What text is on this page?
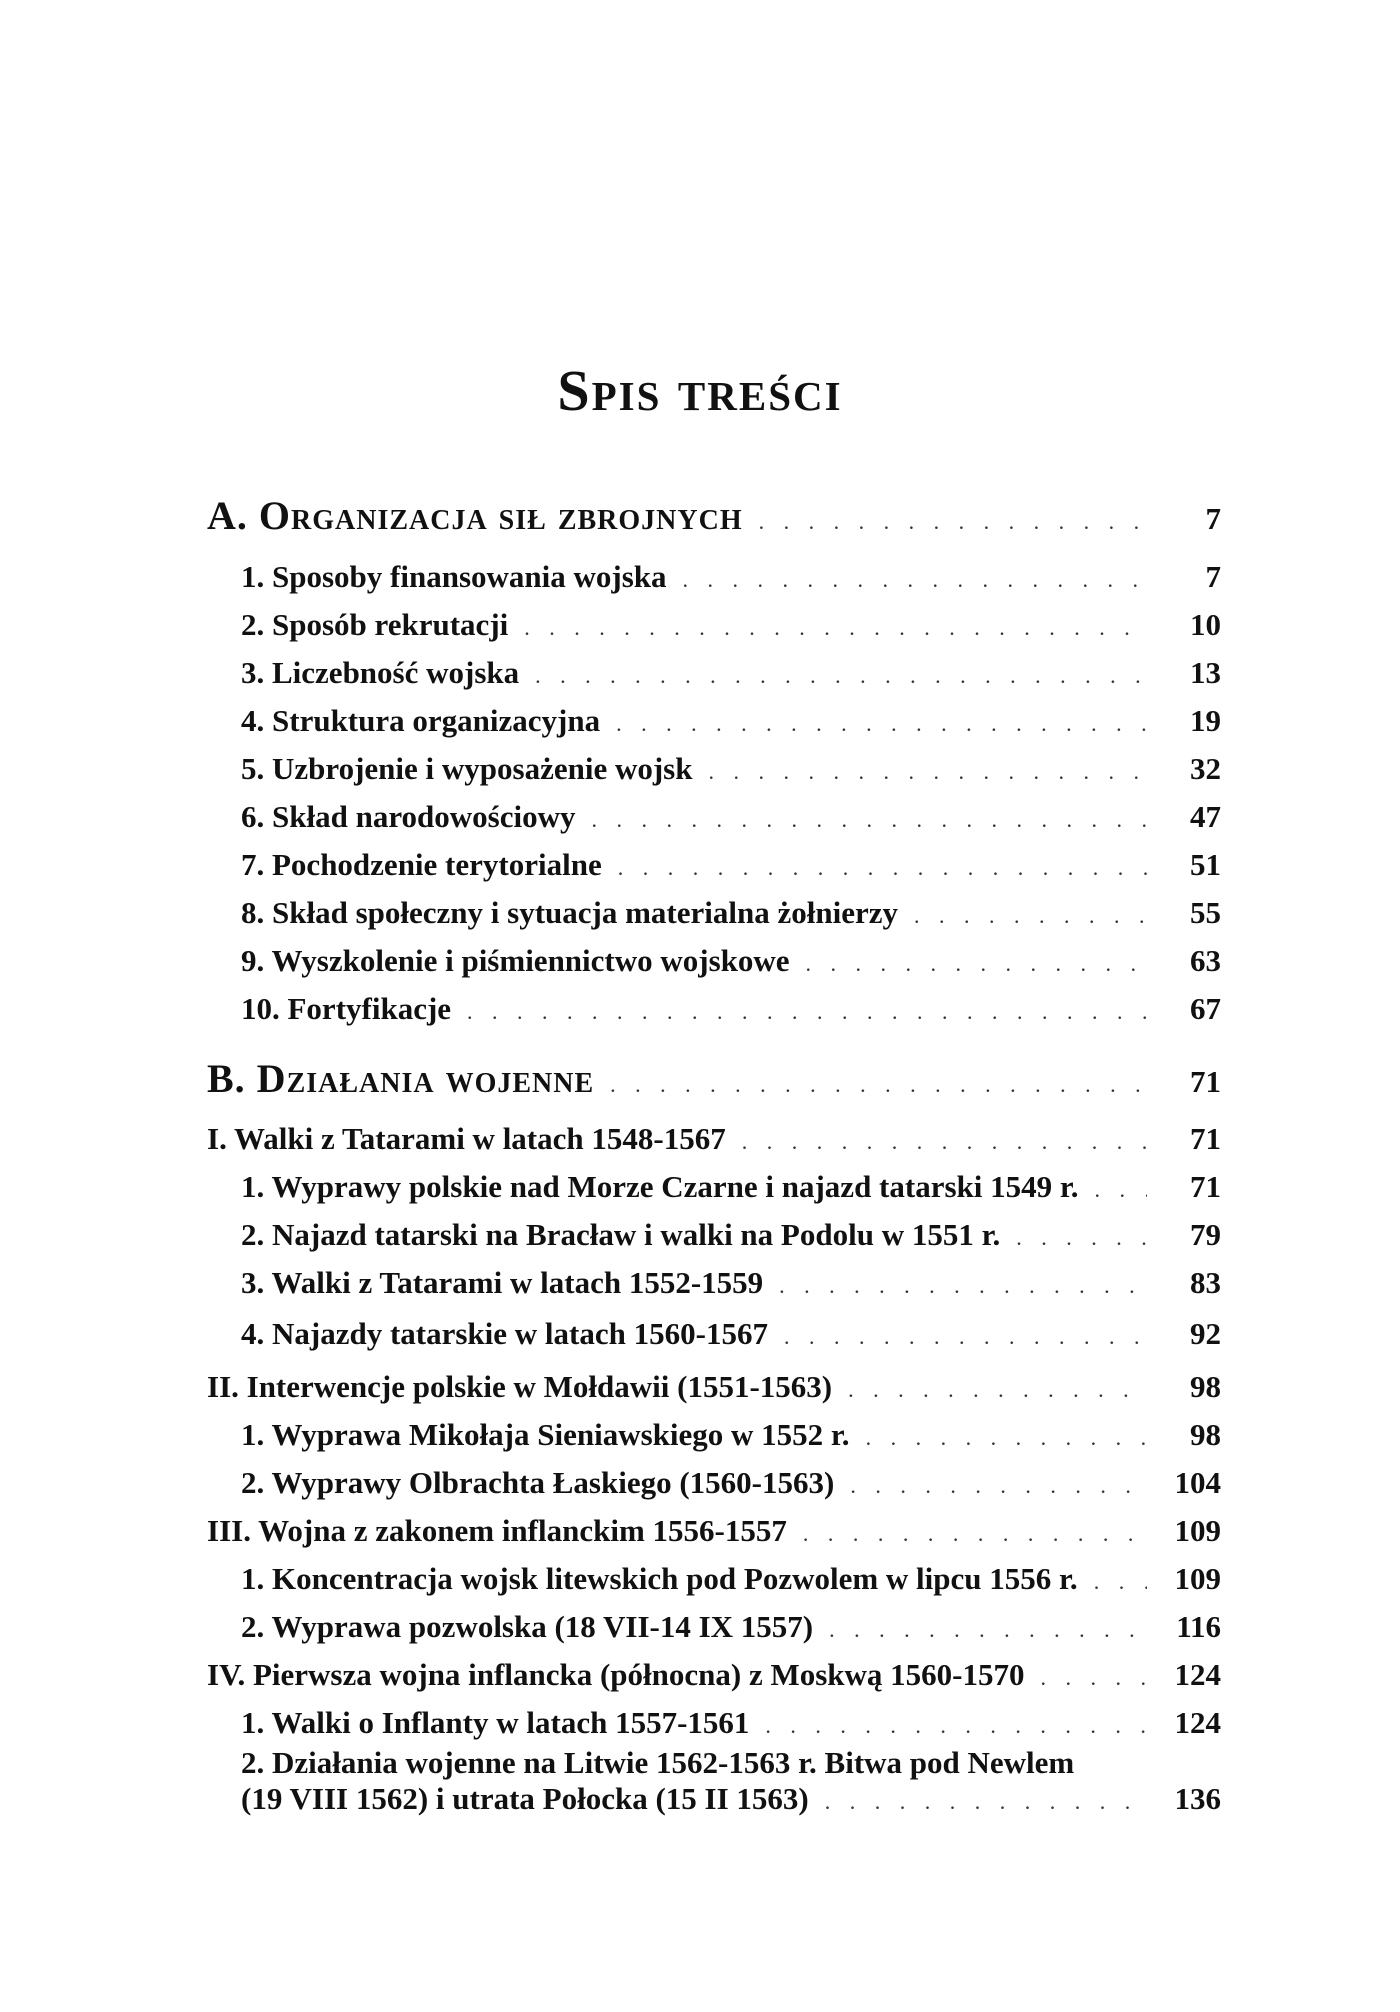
Spis treści
A. Organizacja sił zbrojnych . . .	7
1. Sposoby finansowania wojska . . .	7
2. Sposób rekrutacji . . .	10
3. Liczebność wojska . . .	13
4. Struktura organizacyjna . . .	19
5. Uzbrojenie i wyposażenie wojsk . . .	32
6. Skład narodowościowy . . .	47
7. Pochodzenie terytorialne . . .	51
8. Skład społeczny i sytuacja materialna żołnierzy . . .	55
9. Wyszkolenie i piśmiennictwo wojskowe . . .	63
10. Fortyfikacje . . .	67
B. Działania wojenne . . .	71
I. Walki z Tatarami w latach 1548-1567 . . .	71
1. Wyprawy polskie nad Morze Czarne i najazd tatarski 1549 r. . . .	71
2. Najazd tatarski na Bracław i walki na Podolu w 1551 r. . . .	79
3. Walki z Tatarami w latach 1552-1559 . . .	83
4. Najazdy tatarskie w latach 1560-1567 . . .	92
II. Interwencje polskie w Mołdawii (1551-1563) . . .	98
1. Wyprawa Mikołaja Sieniawskiego w 1552 r. . . .	98
2. Wyprawy Olbrachta Łaskiego (1560-1563) . . .	104
III. Wojna z zakonem inflanckim 1556-1557 . . .	109
1. Koncentracja wojsk litewskich pod Pozwolem w lipcu 1556 r. . . .	109
2. Wyprawa pozwolska (18 VII-14 IX 1557) . . .	116
IV. Pierwsza wojna inflancka (północna) z Moskwą 1560-1570 . . .	124
1. Walki o Inflanty w latach 1557-1561 . . .	124
2. Działania wojenne na Litwie 1562-1563 r. Bitwa pod Newlem
(19 VIII 1562) i utrata Połocka (15 II 1563) . . .	136
